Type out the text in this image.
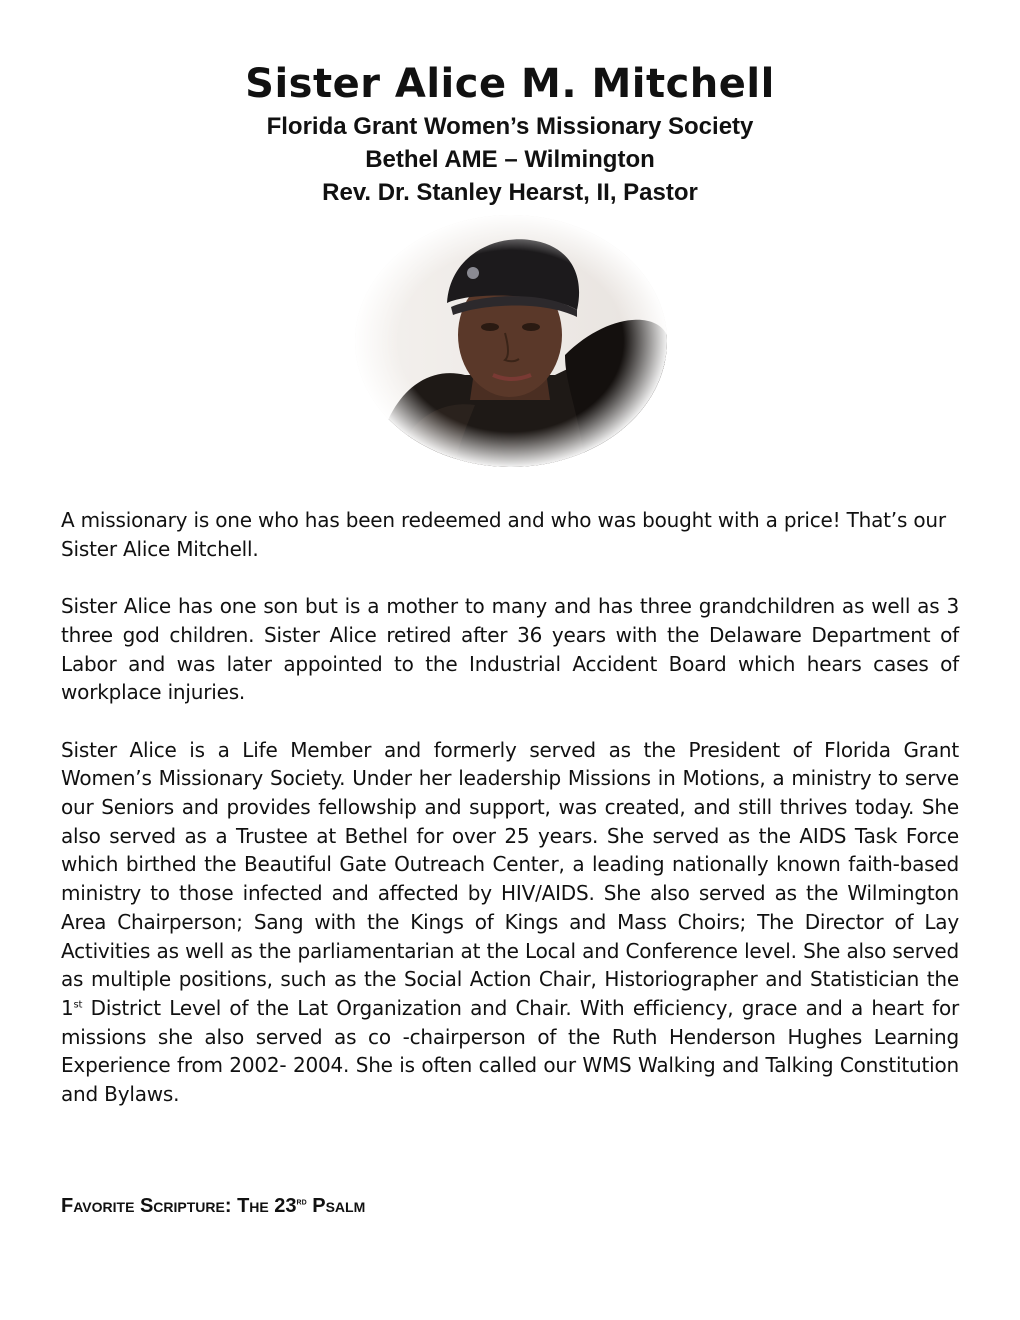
Sister Alice M. Mitchell

Florida Grant Women’s Missionary Society

Bethel AME – Wilmington

Rev. Dr. Stanley Hearst, II, Pastor

A missionary is one who has been redeemed and who was bought with a price! That’s our Sister Alice Mitchell.

Sister Alice has one son but is a mother to many and has three grandchildren as well as 3 three god children. Sister Alice retired after 36 years with the Delaware Department of Labor and was later appointed to the Industrial Accident Board which hears cases of workplace injuries.

Sister Alice is a Life Member and formerly served as the President of Florida Grant Women’s Missionary Society. Under her leadership Missions in Motions, a ministry to serve our Seniors and provides fellowship and support, was created, and still thrives today. She also served as a Trustee at Bethel for over 25 years. She served as the AIDS Task Force which birthed the Beautiful Gate Outreach Center, a leading nationally known faith-based ministry to those infected and affected by HIV/AIDS. She also served as the Wilmington Area Chairperson; Sang with the Kings of Kings and Mass Choirs; The Director of Lay Activities as well as the parliamentarian at the Local and Conference level. She also served as multiple positions, such as the Social Action Chair, Historiographer and Statistician the 1st District Level of the Lat Organization and Chair. With efficiency, grace and a heart for missions she also served as co -chairperson of the Ruth Henderson Hughes Learning Experience from 2002- 2004. She is often called our WMS Walking and Talking Constitution and Bylaws.

Favorite Scripture: The 23rd Psalm
